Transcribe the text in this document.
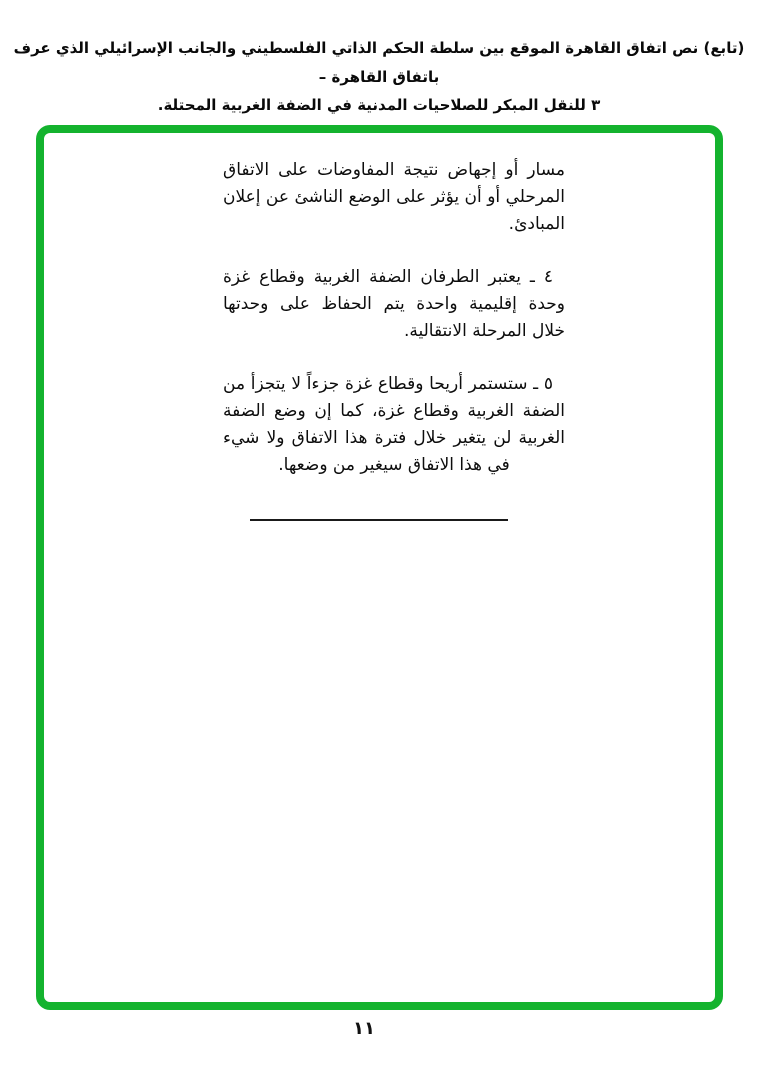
(تابع) نص اتفاق القاهرة الموقع بين سلطة الحكم الذاتي الفلسطيني والجانب الإسرائيلي الذي عرف باتفاق القاهرة –
٣ للنقل المبكر للصلاحيات المدنية في الضفة الغربية المحتلة.

مسار أو إجهاض نتيجة المفاوضات على الاتفاق المرحلي أو أن يؤثر على الوضع الناشئ عن إعلان المبادئ.

٤ ـ يعتبر الطرفان الضفة الغربية وقطاع غزة وحدة إقليمية واحدة يتم الحفاظ على وحدتها خلال المرحلة الانتقالية.

٥ ـ ستستمر أريحا وقطاع غزة جزءاً لا يتجزأ من الضفة الغربية وقطاع غزة، كما إن وضع الضفة الغربية لن يتغير خلال فترة هذا الاتفاق ولا شيء في هذا الاتفاق سيغير من وضعها.

١١
